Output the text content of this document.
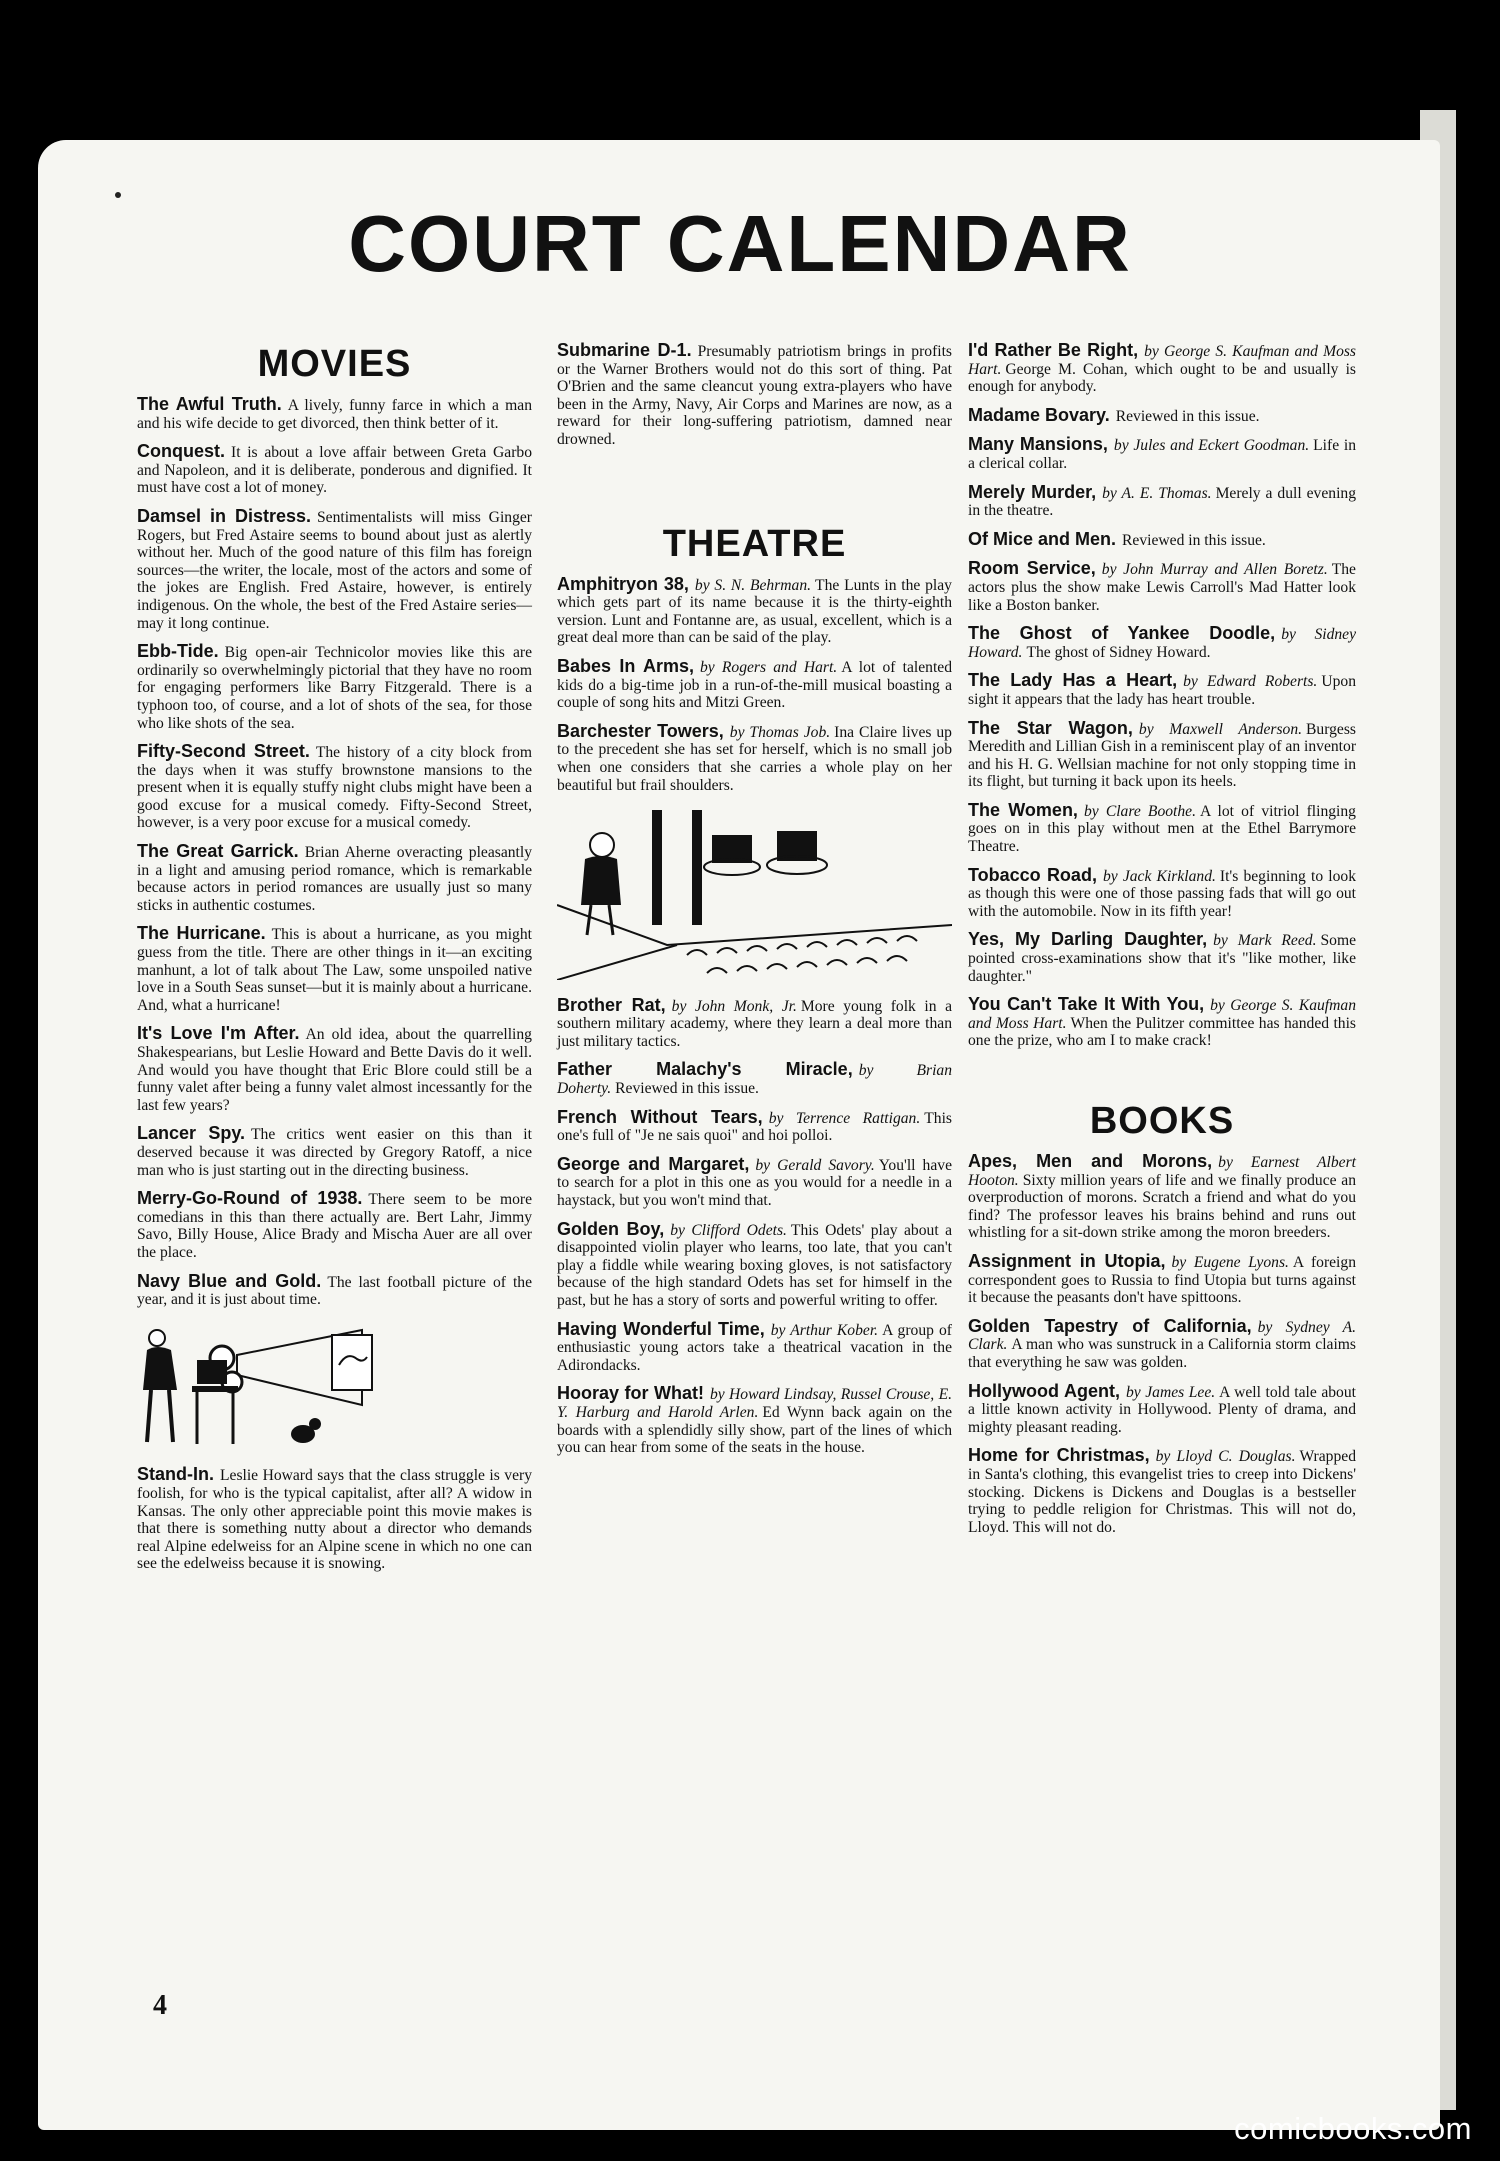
COURT CALENDAR
MOVIES

The Awful Truth. A lively, funny farce in which a man and his wife decide to get divorced, then think better of it.

Conquest. It is about a love affair between Greta Garbo and Napoleon, and it is deliberate, ponderous and dignified. It must have cost a lot of money.

Damsel in Distress. Sentimentalists will miss Ginger Rogers, but Fred Astaire seems to bound about just as alertly without her. Much of the good nature of this film has foreign sources—the writer, the locale, most of the actors and some of the jokes are English. Fred Astaire, however, is entirely indigenous. On the whole, the best of the Fred Astaire series—may it long continue.

Ebb-Tide. Big open-air Technicolor movies like this are ordinarily so overwhelmingly pictorial that they have no room for engaging performers like Barry Fitzgerald. There is a typhoon too, of course, and a lot of shots of the sea, for those who like shots of the sea.

Fifty-Second Street. The history of a city block from the days when it was stuffy brownstone mansions to the present when it is equally stuffy night clubs might have been a good excuse for a musical comedy. Fifty-Second Street, however, is a very poor excuse for a musical comedy.

The Great Garrick. Brian Aherne overacting pleasantly in a light and amusing period romance, which is remarkable because actors in period romances are usually just so many sticks in authentic costumes.

The Hurricane. This is about a hurricane, as you might guess from the title. There are other things in it—an exciting manhunt, a lot of talk about The Law, some unspoiled native love in a South Seas sunset—but it is mainly about a hurricane. And, what a hurricane!

It's Love I'm After. An old idea, about the quarrelling Shakespearians, but Leslie Howard and Bette Davis do it well. And would you have thought that Eric Blore could still be a funny valet after being a funny valet almost incessantly for the last few years?

Lancer Spy. The critics went easier on this than it deserved because it was directed by Gregory Ratoff, a nice man who is just starting out in the directing business.

Merry-Go-Round of 1938. There seem to be more comedians in this than there actually are. Bert Lahr, Jimmy Savo, Billy House, Alice Brady and Mischa Auer are all over the place.

Navy Blue and Gold. The last football picture of the year, and it is just about time.

Stand-In. Leslie Howard says that the class struggle is very foolish, for who is the typical capitalist, after all? A widow in Kansas. The only other appreciable point this movie makes is that there is something nutty about a director who demands real Alpine edelweiss for an Alpine scene in which no one can see the edelweiss because it is snowing.

Submarine D-1. Presumably patriotism brings in profits or the Warner Brothers would not do this sort of thing. Pat O'Brien and the same cleancut young extra-players who have been in the Army, Navy, Air Corps and Marines are now, as a reward for their long-suffering patriotism, damned near drowned.

THEATRE

Amphitryon 38, by S. N. Behrman. The Lunts in the play which gets part of its name because it is the thirty-eighth version. Lunt and Fontanne are, as usual, excellent, which is a great deal more than can be said of the play.

Babes In Arms, by Rogers and Hart. A lot of talented kids do a big-time job in a run-of-the-mill musical boasting a couple of song hits and Mitzi Green.

Barchester Towers, by Thomas Job. Ina Claire lives up to the precedent she has set for herself, which is no small job when one considers that she carries a whole play on her beautiful but frail shoulders.

Brother Rat, by John Monk, Jr. More young folk in a southern military academy, where they learn a deal more than just military tactics.

Father Malachy's Miracle, by Brian Doherty. Reviewed in this issue.

French Without Tears, by Terrence Rattigan. This one's full of "Je ne sais quoi" and hoi polloi.

George and Margaret, by Gerald Savory. You'll have to search for a plot in this one as you would for a needle in a haystack, but you won't mind that.

Golden Boy, by Clifford Odets. This Odets' play about a disappointed violin player who learns, too late, that you can't play a fiddle while wearing boxing gloves, is not satisfactory because of the high standard Odets has set for himself in the past, but he has a story of sorts and powerful writing to offer.

Having Wonderful Time, by Arthur Kober. A group of enthusiastic young actors take a theatrical vacation in the Adirondacks.

Hooray for What! by Howard Lindsay, Russel Crouse, E. Y. Harburg and Harold Arlen. Ed Wynn back again on the boards with a splendidly silly show, part of the lines of which you can hear from some of the seats in the house.

I'd Rather Be Right, by George S. Kaufman and Moss Hart. George M. Cohan, which ought to be and usually is enough for anybody.

Madame Bovary. Reviewed in this issue.

Many Mansions, by Jules and Eckert Goodman. Life in a clerical collar.

Merely Murder, by A. E. Thomas. Merely a dull evening in the theatre.

Of Mice and Men. Reviewed in this issue.

Room Service, by John Murray and Allen Boretz. The actors plus the show make Lewis Carroll's Mad Hatter look like a Boston banker.

The Ghost of Yankee Doodle, by Sidney Howard. The ghost of Sidney Howard.

The Lady Has a Heart, by Edward Roberts. Upon sight it appears that the lady has heart trouble.

The Star Wagon, by Maxwell Anderson. Burgess Meredith and Lillian Gish in a reminiscent play of an inventor and his H. G. Wellsian machine for not only stopping time in its flight, but turning it back upon its heels.

The Women, by Clare Boothe. A lot of vitriol flinging goes on in this play without men at the Ethel Barrymore Theatre.

Tobacco Road, by Jack Kirkland. It's beginning to look as though this were one of those passing fads that will go out with the automobile. Now in its fifth year!

Yes, My Darling Daughter, by Mark Reed. Some pointed cross-examinations show that it's "like mother, like daughter."

You Can't Take It With You, by George S. Kaufman and Moss Hart. When the Pulitzer committee has handed this one the prize, who am I to make crack!

BOOKS

Apes, Men and Morons, by Earnest Albert Hooton. Sixty million years of life and we finally produce an overproduction of morons. Scratch a friend and what do you find? The professor leaves his brains behind and runs out whistling for a sit-down strike among the moron breeders.

Assignment in Utopia, by Eugene Lyons. A foreign correspondent goes to Russia to find Utopia but turns against it because the peasants don't have spittoons.

Golden Tapestry of California, by Sydney A. Clark. A man who was sunstruck in a California storm claims that everything he saw was golden.

Hollywood Agent, by James Lee. A well told tale about a little known activity in Hollywood. Plenty of drama, and mighty pleasant reading.

Home for Christmas, by Lloyd C. Douglas. Wrapped in Santa's clothing, this evangelist tries to creep into Dickens' stocking. Dickens is Dickens and Douglas is a bestseller trying to peddle religion for Christmas. This will not do, Lloyd. This will not do.

4
comicbooks.com
